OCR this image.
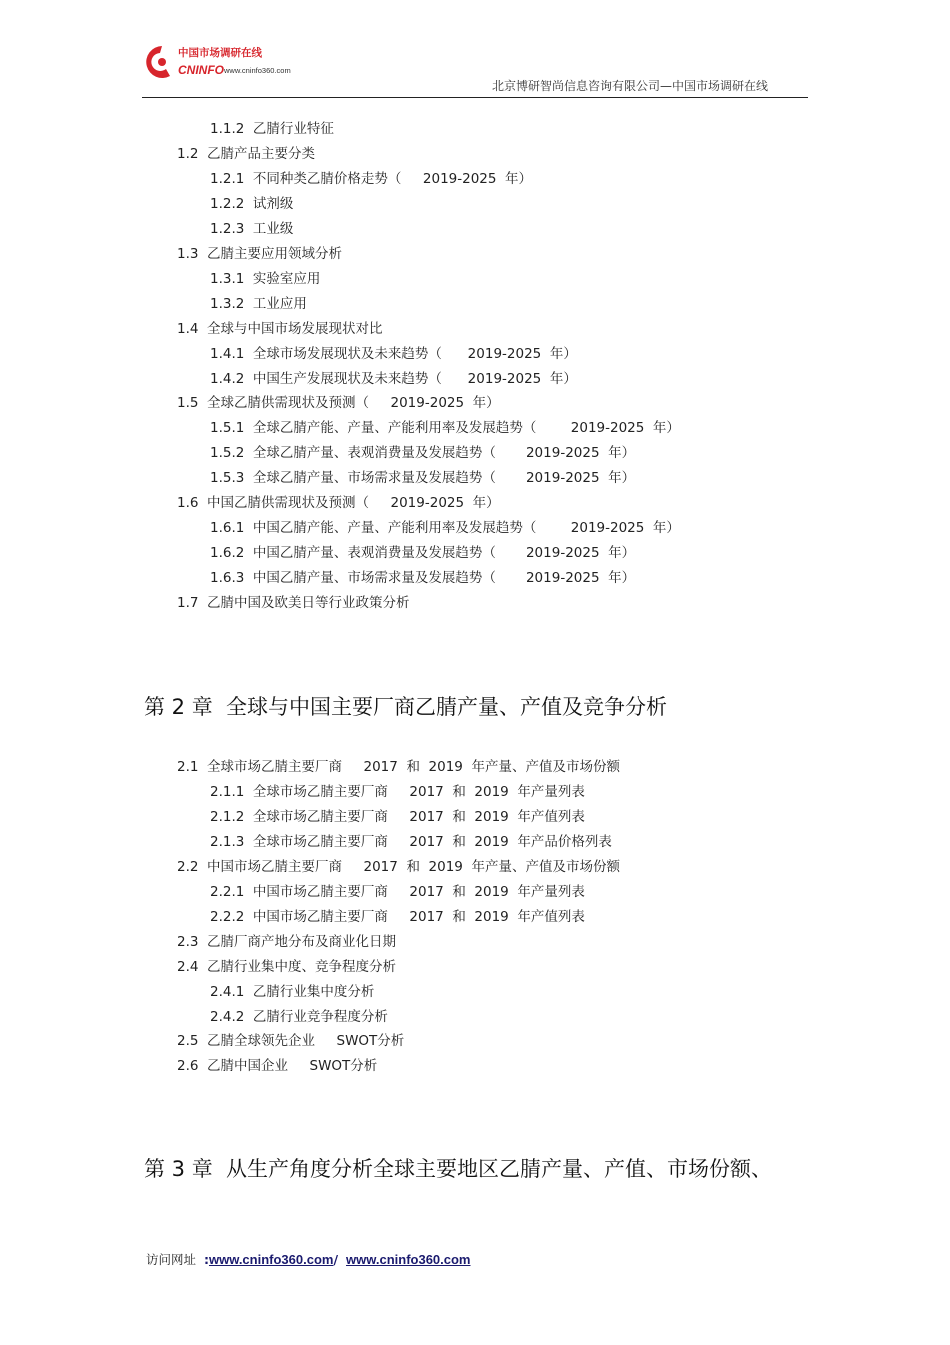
中国市场调研在线
CNINFO www.cninfo360.com
北京博研智尚信息咨询有限公司—中国市场调研在线
1.1.2  乙腈行业特征
1.2  乙腈产品主要分类
1.2.1  不同种类乙腈价格走势（     2019-2025  年）
1.2.2  试剂级
1.2.3  工业级
1.3  乙腈主要应用领域分析
1.3.1  实验室应用
1.3.2  工业应用
1.4  全球与中国市场发展现状对比
1.4.1  全球市场发展现状及未来趋势（      2019-2025  年）
1.4.2  中国生产发展现状及未来趋势（      2019-2025  年）
1.5  全球乙腈供需现状及预测（     2019-2025  年）
1.5.1  全球乙腈产能、产量、产能利用率及发展趋势（        2019-2025  年）
1.5.2  全球乙腈产量、表观消费量及发展趋势（       2019-2025  年）
1.5.3  全球乙腈产量、市场需求量及发展趋势（       2019-2025  年）
1.6  中国乙腈供需现状及预测（     2019-2025  年）
1.6.1  中国乙腈产能、产量、产能利用率及发展趋势（        2019-2025  年）
1.6.2  中国乙腈产量、表观消费量及发展趋势（       2019-2025  年）
1.6.3  中国乙腈产量、市场需求量及发展趋势（       2019-2025  年）
1.7  乙腈中国及欧美日等行业政策分析
第 2 章  全球与中国主要厂商乙腈产量、产值及竞争分析
2.1  全球市场乙腈主要厂商     2017  和  2019  年产量、产值及市场份额
2.1.1  全球市场乙腈主要厂商     2017  和  2019  年产量列表
2.1.2  全球市场乙腈主要厂商     2017  和  2019  年产值列表
2.1.3  全球市场乙腈主要厂商     2017  和  2019  年产品价格列表
2.2  中国市场乙腈主要厂商     2017  和  2019  年产量、产值及市场份额
2.2.1  中国市场乙腈主要厂商     2017  和  2019  年产量列表
2.2.2  中国市场乙腈主要厂商     2017  和  2019  年产值列表
2.3  乙腈厂商产地分布及商业化日期
2.4  乙腈行业集中度、竞争程度分析
2.4.1  乙腈行业集中度分析
2.4.2  乙腈行业竞争程度分析
2.5  乙腈全球领先企业     SWOT分析
2.6  乙腈中国企业     SWOT分析
第 3 章  从生产角度分析全球主要地区乙腈产量、产值、市场份额、
访问网址 :www.cninfo360.com/ www.cninfo360.com
